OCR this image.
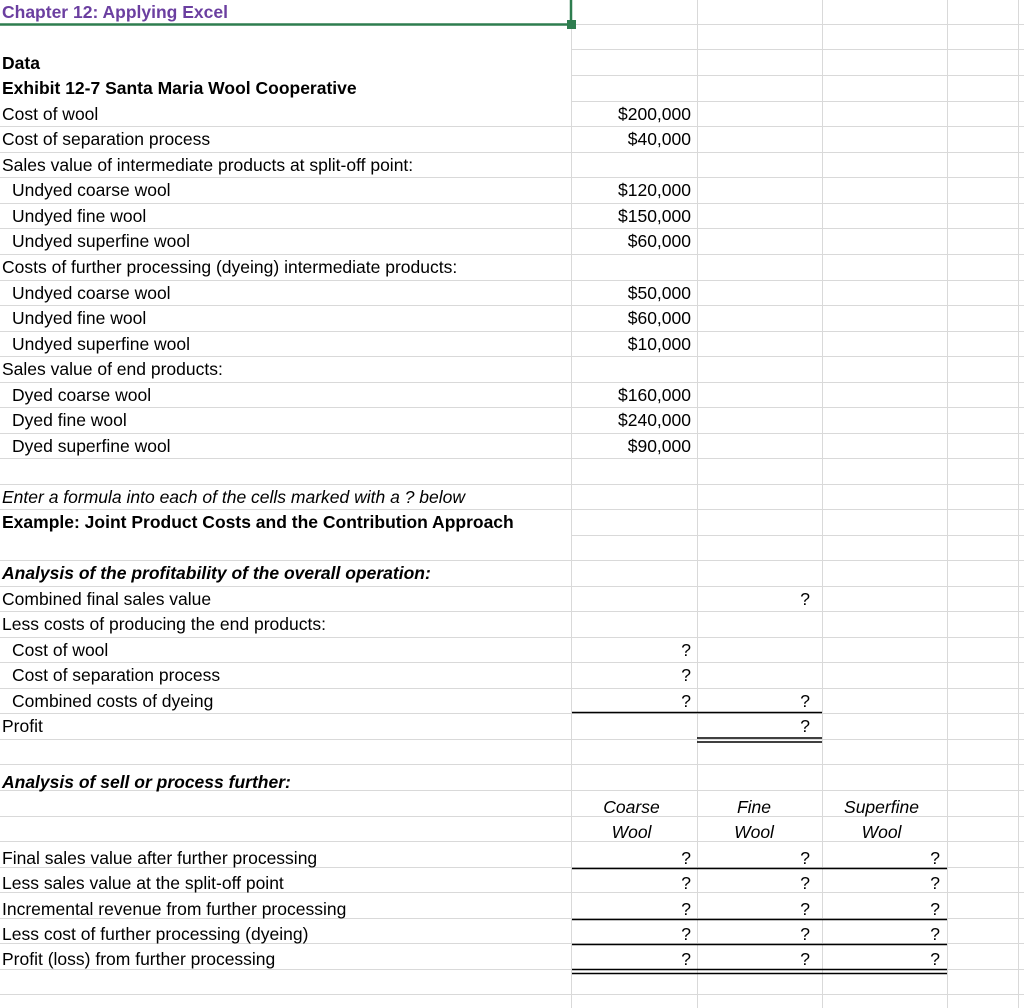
Chapter 12: Applying Excel
Data
Exhibit 12-7 Santa Maria Wool Cooperative
Cost of wool	$200,000
Cost of separation process	$40,000
Sales value of intermediate products at split-off point:
Undyed coarse wool	$120,000
Undyed fine wool	$150,000
Undyed superfine wool	$60,000
Costs of further processing (dyeing) intermediate products:
Undyed coarse wool	$50,000
Undyed fine wool	$60,000
Undyed superfine wool	$10,000
Sales value of end products:
Dyed coarse wool	$160,000
Dyed fine wool	$240,000
Dyed superfine wool	$90,000
Enter a formula into each of the cells marked with a ? below
Example: Joint Product Costs and the Contribution Approach
Analysis of the profitability of the overall operation:
Combined final sales value	?
Less costs of producing the end products:
Cost of wool	?
Cost of separation process	?
Combined costs of dyeing	?	?
Profit	?
Analysis of sell or process further:
Coarse	Fine	Superfine
Wool	Wool	Wool
Final sales value after further processing	?	?	?
Less sales value at the split-off point	?	?	?
Incremental revenue from further processing	?	?	?
Less cost of further processing (dyeing)	?	?	?
Profit (loss) from further processing	?	?	?
